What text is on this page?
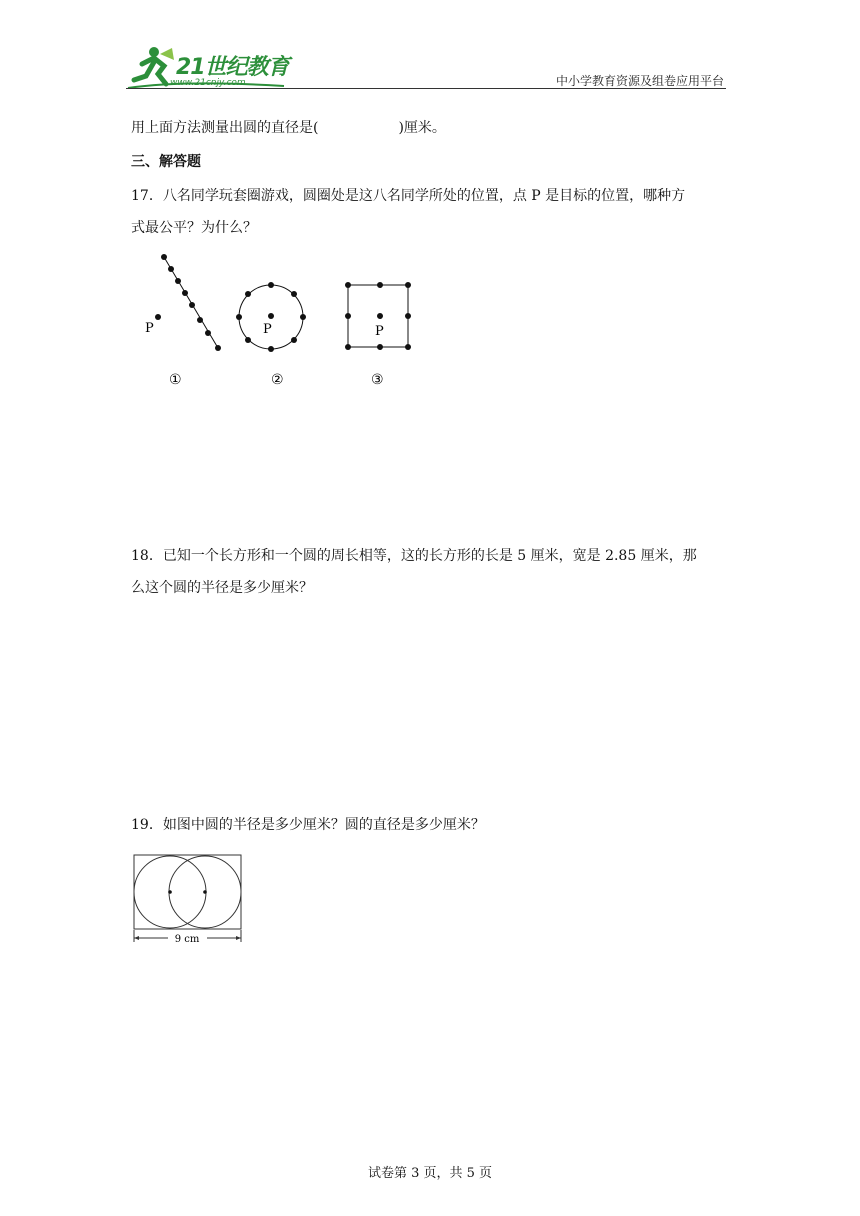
21世纪教育
www.21cnjy.com	中小学教育资源及组卷应用平台
用上面方法测量出圆的直径是(	)厘米。
三、解答题
17．八名同学玩套圈游戏，圆圈处是这八名同学所处的位置，点 P 是目标的位置，哪种方
式最公平？为什么？
P	P	P
①	②	③
18．已知一个长方形和一个圆的周长相等，这的长方形的长是 5 厘米，宽是 2.85 厘米，那
么这个圆的半径是多少厘米？
19．如图中圆的半径是多少厘米？圆的直径是多少厘米？
9 cm
试卷第 3 页，共 5 页
